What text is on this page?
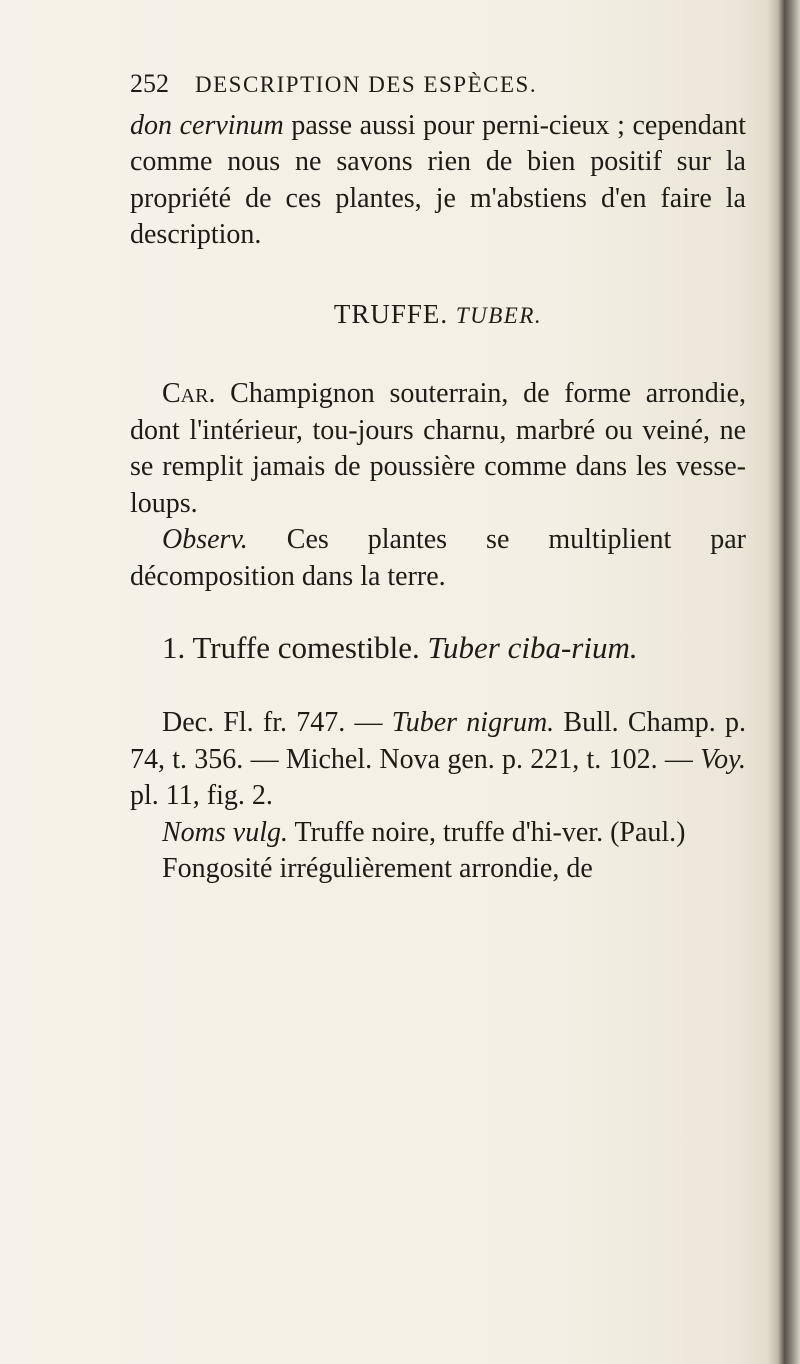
252 DESCRIPTION DES ESPÈCES.

don cervinum passe aussi pour perni-cieux ; cependant comme nous ne savons rien de bien positif sur la propriété de ces plantes, je m'abstiens d'en faire la description.

TRUFFE. TUBER.

Car. Champignon souterrain, de forme arrondie, dont l'intérieur, tou-jours charnu, marbré ou veiné, ne se remplit jamais de poussière comme dans les vesse-loups.

Observ. Ces plantes se multiplient par décomposition dans la terre.

1. Truffe comestible. Tuber ciba-rium.

Dec. Fl. fr. 747. — Tuber nigrum. Bull. Champ. p. 74, t. 356. — Michel. Nova gen. p. 221, t. 102. — Voy. pl. 11, fig. 2.

Noms vulg. Truffe noire, truffe d'hi-ver. (Paul.)

Fongosité irrégulièrement arrondie, de
